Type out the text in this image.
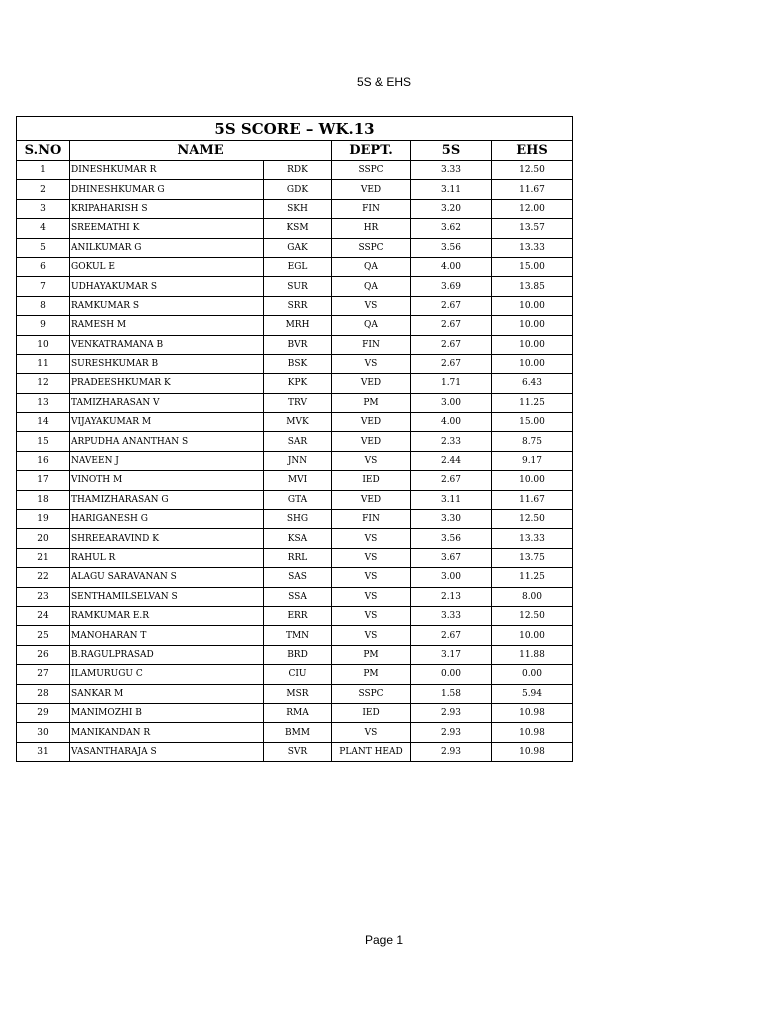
5S & EHS
5S SCORE – WK.13					
S.NO	NAME		DEPT.	5S	EHS
1	DINESHKUMAR R	RDK	SSPC	3.33	12.50
2	DHINESHKUMAR G	GDK	VED	3.11	11.67
3	KRIPAHARISH S	SKH	FIN	3.20	12.00
4	SREEMATHI K	KSM	HR	3.62	13.57
5	ANILKUMAR G	GAK	SSPC	3.56	13.33
6	GOKUL E	EGL	QA	4.00	15.00
7	UDHAYAKUMAR S	SUR	QA	3.69	13.85
8	RAMKUMAR S	SRR	VS	2.67	10.00
9	RAMESH M	MRH	QA	2.67	10.00
10	VENKATRAMANA B	BVR	FIN	2.67	10.00
11	SURESHKUMAR B	BSK	VS	2.67	10.00
12	PRADEESHKUMAR K	KPK	VED	1.71	6.43
13	TAMIZHARASAN V	TRV	PM	3.00	11.25
14	VIJAYAKUMAR M	MVK	VED	4.00	15.00
15	ARPUDHA ANANTHAN S	SAR	VED	2.33	8.75
16	NAVEEN J	JNN	VS	2.44	9.17
17	VINOTH M	MVI	IED	2.67	10.00
18	THAMIZHARASAN G	GTA	VED	3.11	11.67
19	HARIGANESH G	SHG	FIN	3.30	12.50
20	SHREEARAVIND K	KSA	VS	3.56	13.33
21	RAHUL R	RRL	VS	3.67	13.75
22	ALAGU SARAVANAN S	SAS	VS	3.00	11.25
23	SENTHAMILSELVAN S	SSA	VS	2.13	8.00
24	RAMKUMAR E.R	ERR	VS	3.33	12.50
25	MANOHARAN T	TMN	VS	2.67	10.00
26	B.RAGULPRASAD	BRD	PM	3.17	11.88
27	ILAMURUGU C	CIU	PM	0.00	0.00
28	SANKAR M	MSR	SSPC	1.58	5.94
29	MANIMOZHI B	RMA	IED	2.93	10.98
30	MANIKANDAN R	BMM	VS	2.93	10.98
31	VASANTHARAJA S	SVR	PLANT HEAD	2.93	10.98
Page 1
